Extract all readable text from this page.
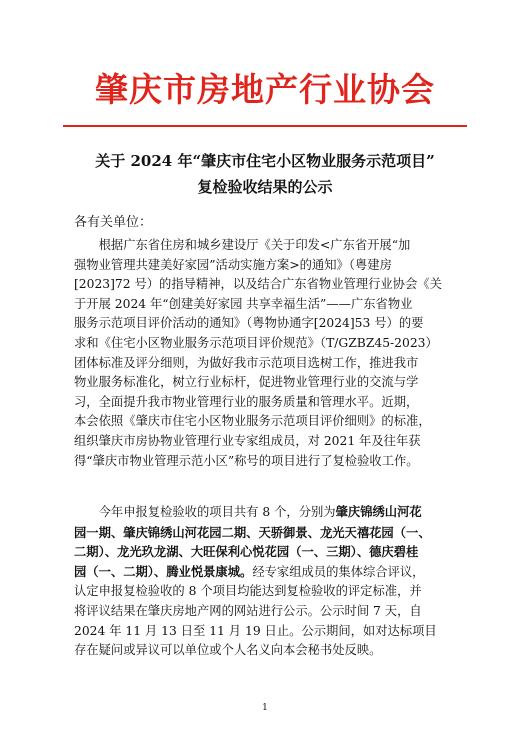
肇庆市房地产行业协会
关于 2024 年“肇庆市住宅小区物业服务示范项目”
复检验收结果的公示
各有关单位：
　　根据广东省住房和城乡建设厅《关于印发<广东省开展“加
强物业管理共建美好家园”活动实施方案>的通知》（粤建房
[2023]72 号）的指导精神，以及结合广东省物业管理行业协会《关
于开展 2024 年“创建美好家园 共享幸福生活”——广东省物业
服务示范项目评价活动的通知》（粤物协通字[2024]53 号）的要
求和《住宅小区物业服务示范项目评价规范》（T/GZBZ45-2023）
团体标准及评分细则，为做好我市示范项目选树工作，推进我市
物业服务标准化，树立行业标杆，促进物业管理行业的交流与学
习，全面提升我市物业管理行业的服务质量和管理水平。近期，
本会依照《肇庆市住宅小区物业服务示范项目评价细则》的标准，
组织肇庆市房协物业管理行业专家组成员，对 2021 年及往年获
得“肇庆市物业管理示范小区”称号的项目进行了复检验收工作。
　　今年申报复检验收的项目共有 8 个，分别为肇庆锦绣山河花
园一期、肇庆锦绣山河花园二期、天骄御景、龙光天禧花园（一、
二期）、龙光玖龙湖、大旺保利心悦花园（一、三期）、德庆碧桂
园（一、二期）、腾业悦景康城。经专家组成员的集体综合评议，
认定申报复检验收的 8 个项目均能达到复检验收的评定标准，并
将评议结果在肇庆房地产网的网站进行公示。公示时间 7 天，自
2024 年 11 月 13 日至 11 月 19 日止。公示期间，如对达标项目
存在疑问或异议可以单位或个人名义向本会秘书处反映。
1
